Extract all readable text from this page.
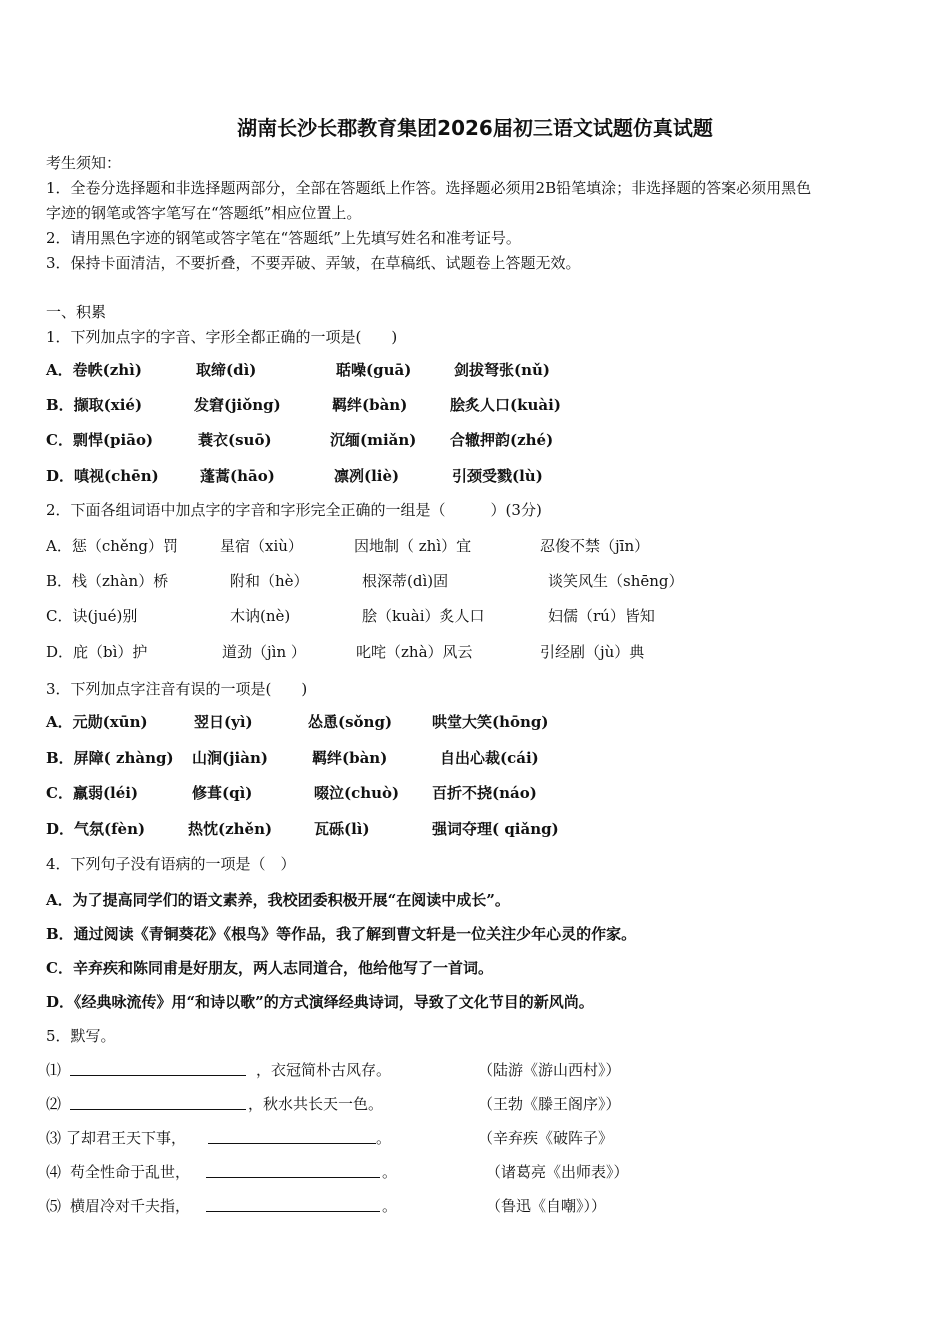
湖南长沙长郡教育集团2026届初三语文试题仿真试题
考生须知：
1．全卷分选择题和非选择题两部分，全部在答题纸上作答。选择题必须用2B铅笔填涂；非选择题的答案必须用黑色
字迹的钢笔或答字笔写在“答题纸”相应位置上。
2．请用黑色字迹的钢笔或答字笔在“答题纸”上先填写姓名和准考证号。
3．保持卡面清洁，不要折叠，不要弄破、弄皱，在草稿纸、试题卷上答题无效。
一、积累
1．下列加点字的字音、字形全都正确的一项是(　　)
A．卷帙(zhì)	取缔(dì)	聒噪(guā)	剑拔弩张(nǔ)
B．撷取(xié)	发窘(jiǒng)	羁绊(bàn)	脍炙人口(kuài)
C．剽悍(piāo)	蓑衣(suō)	沉缅(miǎn) 合辙押韵(zhé)
D．嗔视(chēn)	蓬蒿(hāo)	凛冽(liè)	引颈受戮(lù)
2．下面各组词语中加点字的字音和字形完全正确的一组是（　　　）(3分)
A．惩（chěng）罚	星宿（xiù）	因地制（ zhì）宜	忍俊不禁（jīn）
B．栈（zhàn）桥	附和（hè）	根深蒂(dì)固	谈笑风生（shēng）
C．诀(jué)别	木讷(nè)	脍（kuài）炙人口	妇儒（rú）皆知
D．庇（bì）护	道劲（jìn ）	叱咤（zhà）风云	引经剧（jù）典
3．下列加点字注音有误的一项是(　　)
A．元勋(xūn)	翌日(yì)	怂恿(sǒng)	哄堂大笑(hōng)
B．屏障( zhàng) 山涧(jiàn)	羁绊(bàn)	自出心裁(cái)
C．羸弱(léi)	修葺(qì)	啜泣(chuò) 百折不挠(náo)
D．气氛(fèn)	热忱(zhěn)	瓦砾(lì)	强词夺理( qiǎng)
4．下列句子没有语病的一项是（　）
A．为了提高同学们的语文素养，我校团委积极开展“在阅读中成长”。
B．通过阅读《青铜葵花》《根鸟》等作品，我了解到曹文轩是一位关注少年心灵的作家。
C．辛弃疾和陈同甫是好朋友，两人志同道合，他给他写了一首词。
D．《经典咏流传》用“和诗以歌”的方式演绎经典诗词，导致了文化节目的新风尚。
5．默写。
⑴	，衣冠简朴古风存。	（陆游《游山西村》）
⑵	，秋水共长天一色。	（王勃《滕王阁序》）
⑶ 了却君王天下事，	。	（辛弃疾《破阵子》
⑷ 苟全性命于乱世，	。	（诸葛亮《出师表》）
⑸ 横眉冷对千夫指，	。	（鲁迅《自嘲》））
